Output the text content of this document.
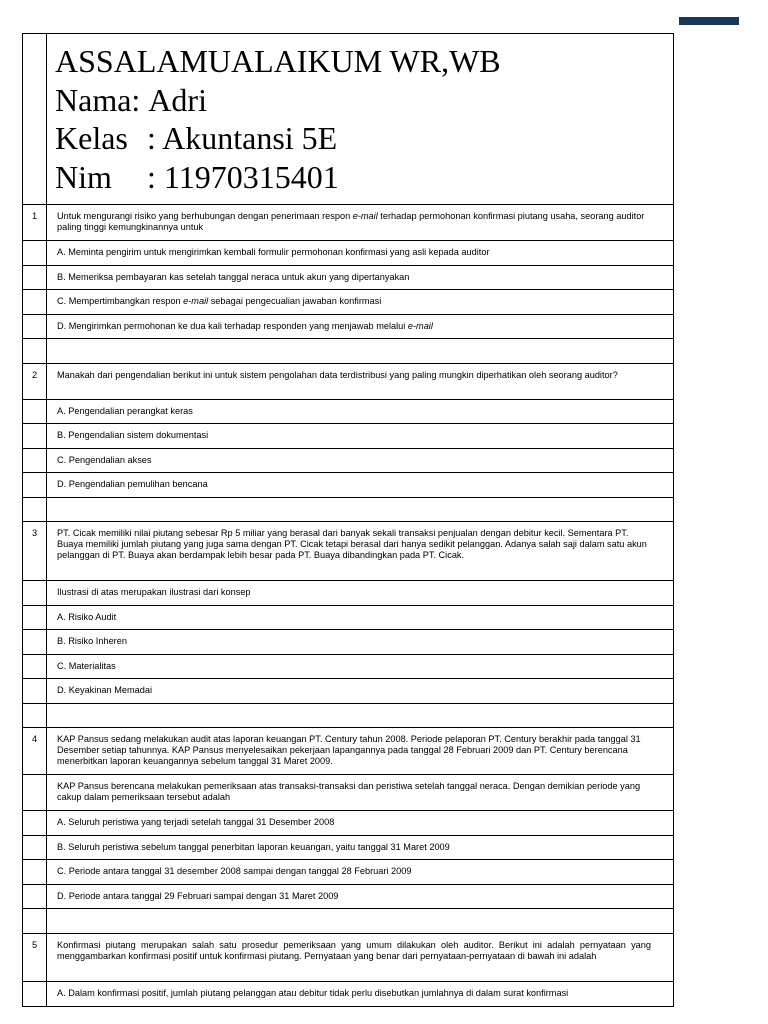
ASSALAMUALAIKUM WR,WB
Nama: Adri
Kelas : Akuntansi 5E
Nim	: 11970315401
1	Untuk mengurangi risiko yang berhubungan dengan penerimaan respon e-mail terhadap permohonan konfirmasi piutang usaha, seorang auditor paling tinggi kemungkinannya untuk
A. Meminta pengirim untuk mengirimkan kembali formulir permohonan konfirmasi yang asli kepada auditor
B. Memeriksa pembayaran kas setelah tanggal neraca untuk akun yang dipertanyakan
C. Mempertimbangkan respon e-mail sebagai pengecualian jawaban konfirmasi
D. Mengirimkan permohonan ke dua kali terhadap responden yang menjawab melalui e-mail
2	Manakah dari pengendalian berikut ini untuk sistem pengolahan data terdistribusi yang paling mungkin diperhatikan oleh seorang auditor?
A. Pengendalian perangkat keras
B. Pengendalian sistem dokumentasi
C. Pengendalian akses
D. Pengendalian pemulihan bencana
3	PT. Cicak memiliki nilai piutang sebesar Rp 5 miliar yang berasal dari banyak sekali transaksi penjualan dengan debitur kecil. Sementara PT. Buaya memiliki jumlah piutang yang juga sama dengan PT. Cicak tetapi berasal dari hanya sedikit pelanggan. Adanya salah saji dalam satu akun pelanggan di PT. Buaya akan berdampak lebih besar pada PT. Buaya dibandingkan pada PT. Cicak.
Ilustrasi di atas merupakan ilustrasi dari konsep
A. Risiko Audit
B. Risiko Inheren
C. Materialitas
D. Keyakinan Memadai
4	KAP Pansus sedang melakukan audit atas laporan keuangan PT. Century tahun 2008. Periode pelaporan PT. Century berakhir pada tanggal 31 Desember setiap tahunnya. KAP Pansus menyelesaikan pekerjaan lapangannya pada tanggal 28 Februari 2009 dan PT. Century berencana menerbitkan laporan keuangannya sebelum tanggal 31 Maret 2009.
KAP Pansus berencana melakukan pemeriksaan atas transaksi-transaksi dan peristiwa setelah tanggal neraca. Dengan demikian periode yang cakup dalam pemeriksaan tersebut adalah
A. Seluruh peristiwa yang terjadi setelah tanggal 31 Desember 2008
B. Seluruh peristiwa sebelum tanggal penerbitan laporan keuangan, yaitu tanggal 31 Maret 2009
C. Periode antara tanggal 31 desember 2008 sampai dengan tanggal 28 Februari 2009
D. Periode antara tanggal 29 Februari sampai dengan 31 Maret 2009
5	Konfirmasi piutang merupakan salah satu prosedur pemeriksaan yang umum dilakukan oleh auditor. Berikut ini adalah pernyataan yang menggambarkan konfirmasi positif untuk konfirmasi piutang. Pernyataan yang benar dari pernyataan-pernyataan di bawah ini adalah
A. Dalam konfirmasi positif, jumlah piutang pelanggan atau debitur tidak perlu disebutkan jumlahnya di dalam surat konfirmasi
